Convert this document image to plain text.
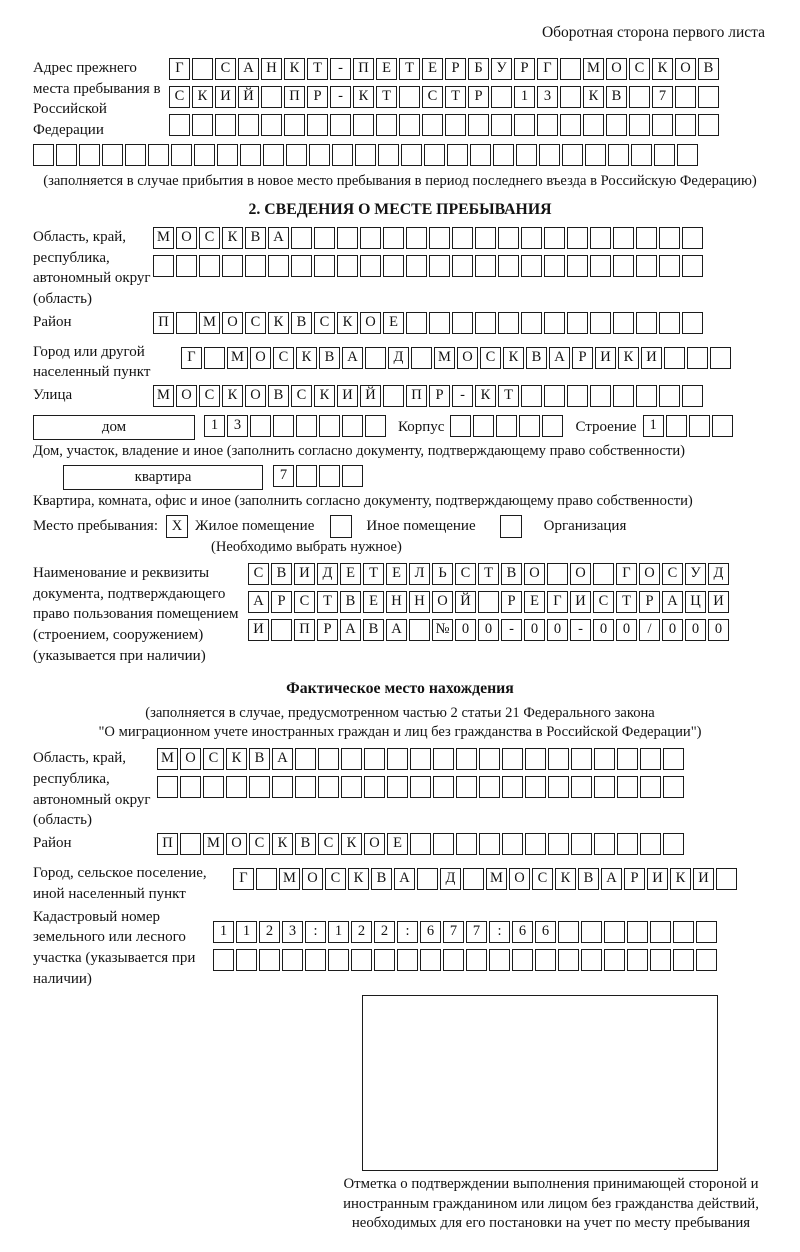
Оборотная сторона первого листа
Адрес прежнего места пребывания в Российской Федерации
Г	С А Н К Т - П Е Т Е Р Б У Р Г М О С К О В
С К И Й П Р - К Т	С Т Р	1 3	К В	7
(заполняется в случае прибытия в новое место пребывания в период последнего въезда в Российскую Федерацию)
2. СВЕДЕНИЯ О МЕСТЕ ПРЕБЫВАНИЯ
Область, край, республика, автономный округ (область)
М О С К В А
Район	П М О С К В С К О Е
Город или другой населенный пункт
Г М О С К В А Д М О С К В А Р И К И
Улица	М О С К О В С К И Й П Р - К Т
дом	1 3	Корпус	Строение 1
Дом, участок, владение и иное (заполнить согласно документу, подтверждающему право собственности)
квартира	7
Квартира, комната, офис и иное (заполнить согласно документу, подтверждающему право собственности)
Место пребывания: X Жилое помещение	Иное помещение	Организация
(Необходимо выбрать нужное)
Наименование и реквизиты документа, подтверждающего право пользования помещением (строением, сооружением) (указывается при наличии)
С В И Д Е Т Е Л Ь С Т В О О	Г О С У Д
А Р С Т В Е Н Н О Й	Р Е Г И С Т Р А Ц И
И П Р А В А № 0 0 - 0 0 - 0 0 / 0 0 0
Фактическое место нахождения
(заполняется в случае, предусмотренном частью 2 статьи 21 Федерального закона
"О миграционном учете иностранных граждан и лиц без гражданства в Российской Федерации")
Область, край, республика, автономный округ (область)
М О С К В А
Район	П М О С К В С К О Е
Город, сельское поселение, иной населенный пункт
Г М О С К В А Д М О С К В А Р И К И
Кадастровый номер земельного или лесного участка (указывается при наличии)
1 1 2 3 : 1 2 2 : 6 7 7 : 6 6
Отметка о подтверждении выполнения принимающей стороной и иностранным гражданином или лицом без гражданства действий, необходимых для его постановки на учет по месту пребывания
